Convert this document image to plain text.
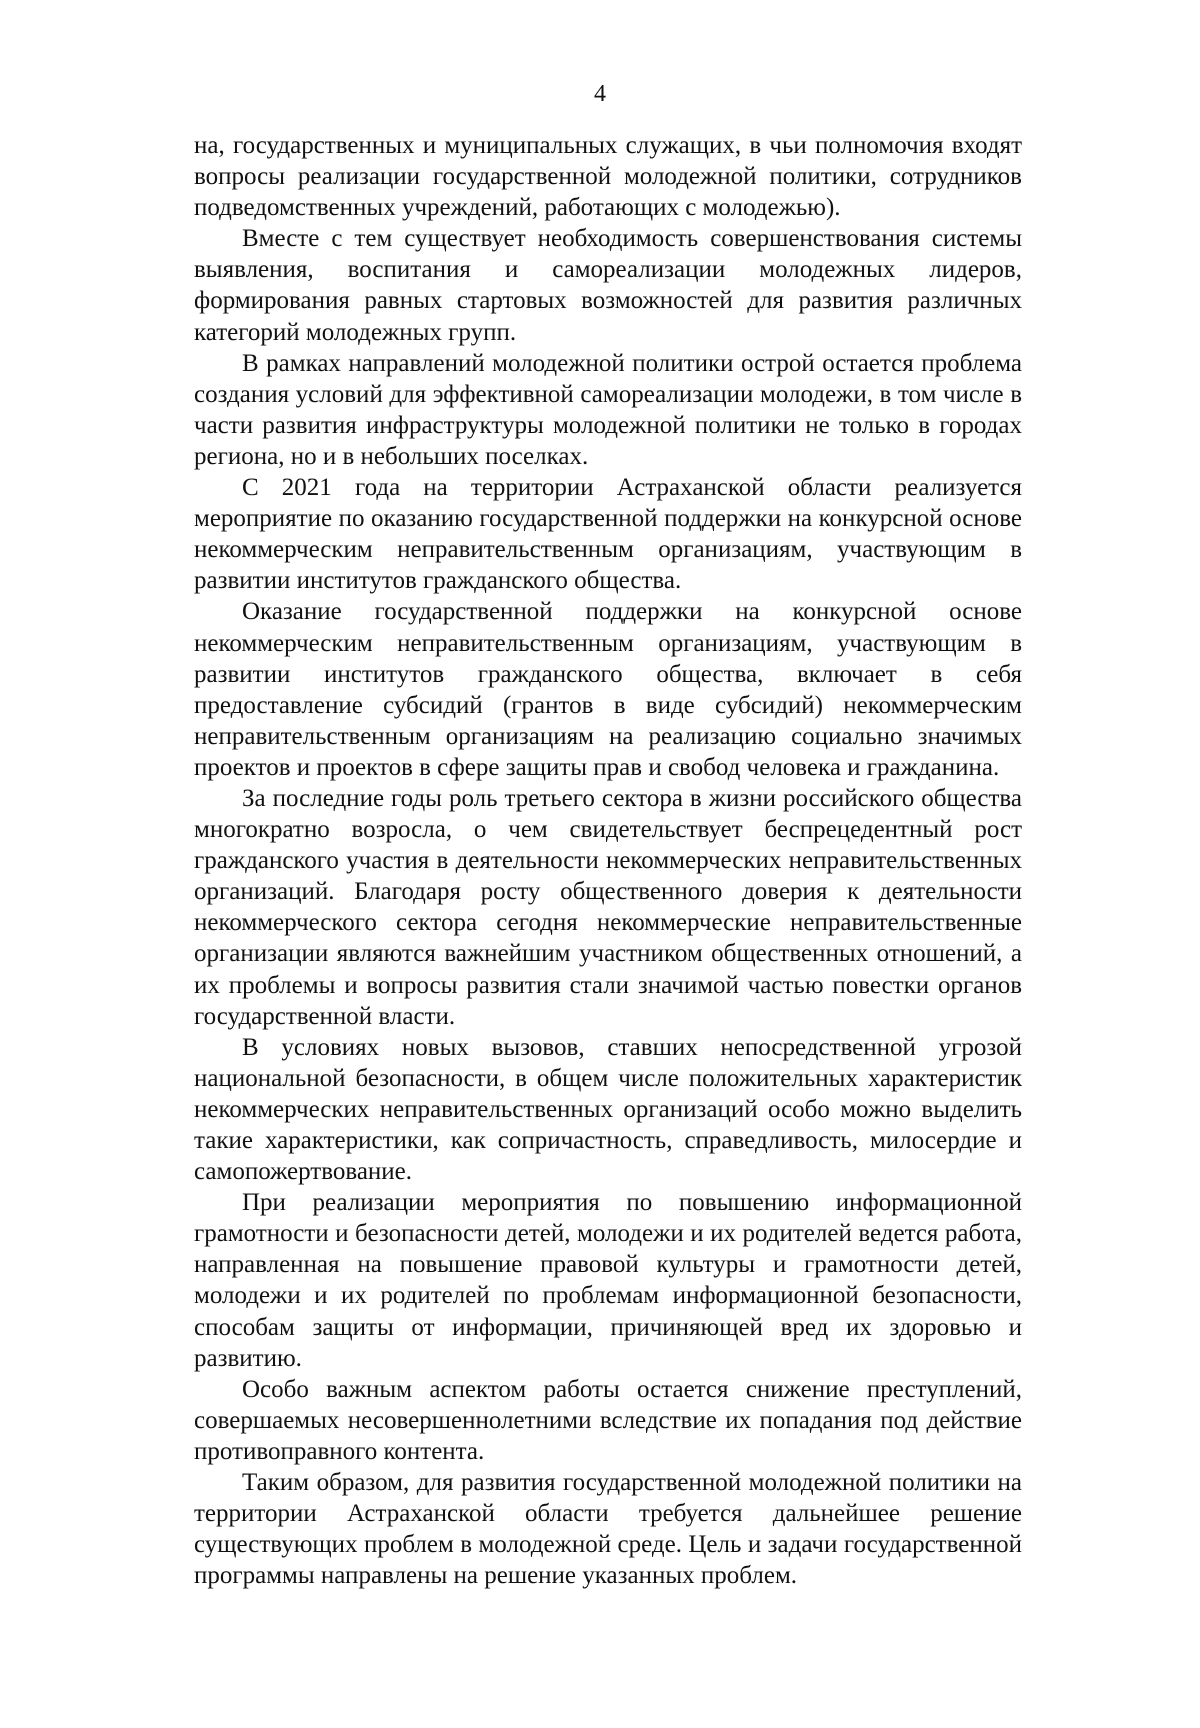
4

на, государственных и муниципальных служащих, в чьи полномочия входят вопросы реализации государственной молодежной политики, сотрудников подведомственных учреждений, работающих с молодежью).

Вместе с тем существует необходимость совершенствования системы выявления, воспитания и самореализации молодежных лидеров, формирования равных стартовых возможностей для развития различных категорий молодежных групп.

В рамках направлений молодежной политики острой остается проблема создания условий для эффективной самореализации молодежи, в том числе в части развития инфраструктуры молодежной политики не только в городах региона, но и в небольших поселках.

С 2021 года на территории Астраханской области реализуется мероприятие по оказанию государственной поддержки на конкурсной основе некоммерческим неправительственным организациям, участвующим в развитии институтов гражданского общества.

Оказание государственной поддержки на конкурсной основе некоммерческим неправительственным организациям, участвующим в развитии институтов гражданского общества, включает в себя предоставление субсидий (грантов в виде субсидий) некоммерческим неправительственным организациям на реализацию социально значимых проектов и проектов в сфере защиты прав и свобод человека и гражданина.

За последние годы роль третьего сектора в жизни российского общества многократно возросла, о чем свидетельствует беспрецедентный рост гражданского участия в деятельности некоммерческих неправительственных организаций. Благодаря росту общественного доверия к деятельности некоммерческого сектора сегодня некоммерческие неправительственные организации являются важнейшим участником общественных отношений, а их проблемы и вопросы развития стали значимой частью повестки органов государственной власти.

В условиях новых вызовов, ставших непосредственной угрозой национальной безопасности, в общем числе положительных характеристик некоммерческих неправительственных организаций особо можно выделить такие характеристики, как сопричастность, справедливость, милосердие и самопожертвование.

При реализации мероприятия по повышению информационной грамотности и безопасности детей, молодежи и их родителей ведется работа, направленная на повышение правовой культуры и грамотности детей, молодежи и их родителей по проблемам информационной безопасности, способам защиты от информации, причиняющей вред их здоровью и развитию.

Особо важным аспектом работы остается снижение преступлений, совершаемых несовершеннолетними вследствие их попадания под действие противоправного контента.

Таким образом, для развития государственной молодежной политики на территории Астраханской области требуется дальнейшее решение существующих проблем в молодежной среде. Цель и задачи государственной программы направлены на решение указанных проблем.
